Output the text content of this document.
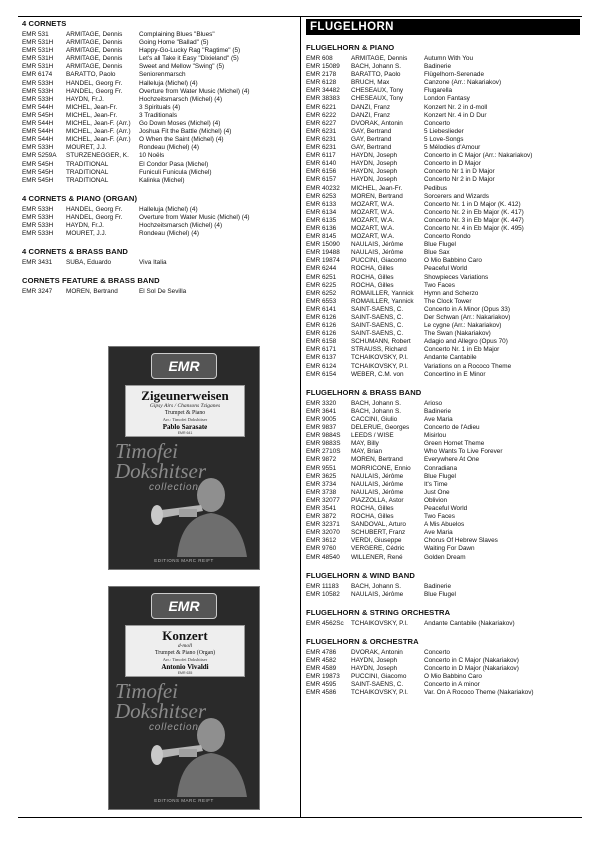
4 CORNETS
EMR 531	ARMITAGE, Dennis	Complaining Blues "Blues"
EMR 531H	ARMITAGE, Dennis	Going Home "Ballad" (5)
EMR 531H	ARMITAGE, Dennis	Happy-Go-Lucky Rag "Ragtime" (5)
EMR 531H	ARMITAGE, Dennis	Let's all Take it Easy "Dixieland" (5)
EMR 531H	ARMITAGE, Dennis	Sweet and Mellow "Swing" (5)
EMR 6174	BARATTO, Paolo	Seniorenmarsch
EMR 533H	HÄNDEL, Georg Fr.	Halleluja (Michel) (4)
EMR 533H	HÄNDEL, Georg Fr.	Overture from Water Music (Michel) (4)
EMR 533H	HAYDN, Fr.J.	Hochzeitsmarsch (Michel) (4)
EMR 544H	MICHEL, Jean-Fr.	3 Spirituals (4)
EMR 545H	MICHEL, Jean-Fr.	3 Traditionals
EMR 544H	MICHEL, Jean-F. (Arr.)	Go Down Moses (Michel) (4)
EMR 544H	MICHEL, Jean-F. (Arr.)	Joshua Fit the Battle (Michel) (4)
EMR 544H	MICHEL, Jean-F. (Arr.)	O When the Saint (Michel) (4)
EMR 533H	MOURET, J.J.	Rondeau (Michel) (4)
EMR 5259A	STURZENEGGER, K.	10 Noëls
EMR 545H	TRADITIONAL	El Condor Pasa (Michel)
EMR 545H	TRADITIONAL	Funiculi Funicula (Michel)
EMR 545H	TRADITIONAL	Kalinka (Michel)
4 CORNETS & PIANO (ORGAN)
EMR 533H	HÄNDEL, Georg Fr.	Halleluja (Michel) (4)
EMR 533H	HÄNDEL, Georg Fr.	Overture from Water Music (Michel) (4)
EMR 533H	HAYDN, Fr.J.	Hochzeitsmarsch (Michel) (4)
EMR 533H	MOURET, J.J.	Rondeau (Michel) (4)
4 CORNETS & BRASS BAND
EMR 3431	SUBA, Eduardo	Viva Italia
CORNETS FEATURE & BRASS BAND
EMR 3247	MOREN, Bertrand	El Sol De Sevilla
EMR
Zigeunerweisen
Gipsy Airs / Chansons Tziganes
Trumpet & Piano
Arr.: Timofei Dokshitser
Pablo Sarasate
EMR 641
Timofei Dokshitser
collection
EDITIONS MARC REIFT
EMR
Konzert
d-moll
Trumpet & Piano (Organ)
Arr.: Timofei Dokshitser
Antonio Vivaldi
EMR 635
Timofei Dokshitser
collection
EDITIONS MARC REIFT
FLUGELHORN
FLUGELHORN & PIANO
EMR 608	ARMITAGE, Dennis	Autumn With You
EMR 15089	BACH, Johann S.	Badinerie
EMR 2178	BARATTO, Paolo	Flügelhorn-Serenade
EMR 6128	BRUCH, Max	Canzone (Arr.: Nakariakov)
EMR 34482	CHESEAUX, Tony	Flugarella
EMR 38383	CHESEAUX, Tony	London Fantasy
EMR 6221	DANZI, Franz	Konzert Nr. 2 in d-moll
EMR 6222	DANZI, Franz	Konzert Nr. 4 in D Dur
EMR 6227	DVORAK, Antonin	Concerto
EMR 6231	GAY, Bertrand	5 Liebeslieder
EMR 6231	GAY, Bertrand	5 Love-Songs
EMR 6231	GAY, Bertrand	5 Mélodies d'Amour
EMR 6117	HAYDN, Joseph	Concerto in C Major (Arr.: Nakariakov)
EMR 6140	HAYDN, Joseph	Concerto in D Major
EMR 6156	HAYDN, Joseph	Concerto Nr 1 in D Major
EMR 6157	HAYDN, Joseph	Concerto Nr 2 in D Major
EMR 40232	MICHEL, Jean-Fr.	Pedibus
EMR 6253	MOREN, Bertrand	Sorcerers and Wizards
EMR 6133	MOZART, W.A.	Concerto Nr. 1 in D Major (K. 412)
EMR 6134	MOZART, W.A.	Concerto Nr. 2 in Eb Major (K. 417)
EMR 6135	MOZART, W.A.	Concerto Nr. 3 in Eb Major (K. 447)
EMR 6136	MOZART, W.A.	Concerto Nr. 4 in Eb Major (K. 495)
EMR 8145	MOZART, W.A.	Concerto Rondo
EMR 15090	NAULAIS, Jérôme	Blue Flugel
EMR 19488	NAULAIS, Jérôme	Blue Sax
EMR 19874	PUCCINI, Giacomo	O Mio Babbino Caro
EMR 6244	ROCHA, Gilles	Peaceful World
EMR 6251	ROCHA, Gilles	Showpieces Variations
EMR 6225	ROCHA, Gilles	Two Faces
EMR 6252	ROMAILLER, Yannick	Hymn and Scherzo
EMR 6553	ROMAILLER, Yannick	The Clock Tower
EMR 6141	SAINT-SAËNS, C.	Concerto in A Minor (Opus 33)
EMR 6126	SAINT-SAËNS, C.	Der Schwan (Arr.: Nakariakov)
EMR 6126	SAINT-SAËNS, C.	Le cygne (Arr.: Nakariakov)
EMR 6126	SAINT-SAËNS, C.	The Swan (Nakariakov)
EMR 6158	SCHUMANN, Robert	Adagio and Allegro (Opus 70)
EMR 6171	STRAUSS, Richard	Concerto Nr. 1 in Eb Major
EMR 6137	TCHAIKOVSKY, P.I.	Andante Cantabile
EMR 6124	TCHAIKOVSKY, P.I.	Variations on a Rococo Theme
EMR 6154	WEBER, C.M. von	Concertino in E Minor
FLUGELHORN & BRASS BAND
EMR 3320	BACH, Johann S.	Arioso
EMR 3641	BACH, Johann S.	Badinerie
EMR 9005	CACCINI, Giulio	Ave Maria
EMR 9837	DELERUE, Georges	Concerto de l'Adieu
EMR 9884S	LEEDS / WISE	Misirlou
EMR 9883S	MAY, Billy	Green Hornet Theme
EMR 2710S	MAY, Brian	Who Wants To Live Forever
EMR 9872	MOREN, Bertrand	Everywhere At One
EMR 9551	MORRICONE, Ennio	Conradiana
EMR 3625	NAULAIS, Jérôme	Blue Flugel
EMR 3734	NAULAIS, Jérôme	It's Time
EMR 3738	NAULAIS, Jérôme	Just One
EMR 32077	PIAZZOLLA, Astor	Oblivion
EMR 3541	ROCHA, Gilles	Peaceful World
EMR 3872	ROCHA, Gilles	Two Faces
EMR 32371	SANDOVAL, Arturo	A Mis Abuelos
EMR 32070	SCHUBERT, Franz	Ave Maria
EMR 3612	VERDI, Giuseppe	Chorus Of Hebrew Slaves
EMR 9760	VERGERE, Cédric	Waiting For Dawn
EMR 48540	WILLENER, René	Golden Dream
FLUGELHORN & WIND BAND
EMR 11183	BACH, Johann S.	Badinerie
EMR 10582	NAULAIS, Jérôme	Blue Flugel
FLUGELHORN & STRING ORCHESTRA
EMR 4562Sc	TCHAIKOVSKY, P.I.	Andante Cantabile (Nakariakov)
FLUGELHORN & ORCHESTRA
EMR 4786	DVORAK, Antonin	Concerto
EMR 4582	HAYDN, Joseph	Concerto in C Major (Nakariakov)
EMR 4589	HAYDN, Joseph	Concerto in D Major (Nakariakov)
EMR 19873	PUCCINI, Giacomo	O Mio Babbino Caro
EMR 4595	SAINT-SAËNS, C.	Concerto in A minor
EMR 4586	TCHAIKOVSKY, P.I.	Var. On A Rococo Theme (Nakariakov)
